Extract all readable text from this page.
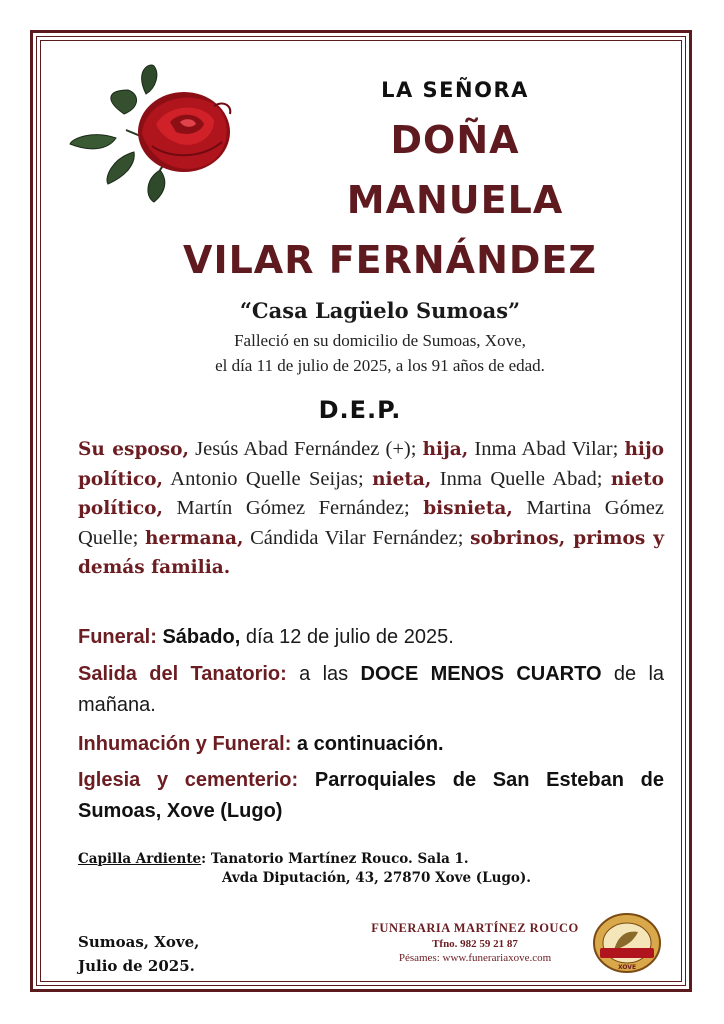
LA SEÑORA
DOÑA
MANUELA
VILAR FERNÁNDEZ
“Casa Lagüelo Sumoas”
Falleció en su domicilio de Sumoas, Xove,
el día 11 de julio de 2025, a los 91 años de edad.
D.E.P.
Su esposo, Jesús Abad Fernández (+); hija, Inma Abad Vilar; hijo político, Antonio Quelle Seijas; nieta, Inma Quelle Abad; nieto político, Martín Gómez Fernández; bisnieta, Martina Gómez Quelle; hermana, Cándida Vilar Fernández; sobrinos, primos y demás familia.
Funeral: Sábado, día 12 de julio de 2025.
Salida del Tanatorio: a las DOCE MENOS CUARTO de la mañana.
Inhumación y Funeral: a continuación.
Iglesia y cementerio: Parroquiales de San Esteban de Sumoas, Xove (Lugo)
Capilla Ardiente: Tanatorio Martínez Rouco. Sala 1.
Avda Diputación, 43, 27870 Xove (Lugo).
Sumoas, Xove,
Julio de 2025.
FUNERARIA MARTÍNEZ ROUCO
Tfno. 982 59 21 87
Pésames: www.funerariaxove.com
XOVE
